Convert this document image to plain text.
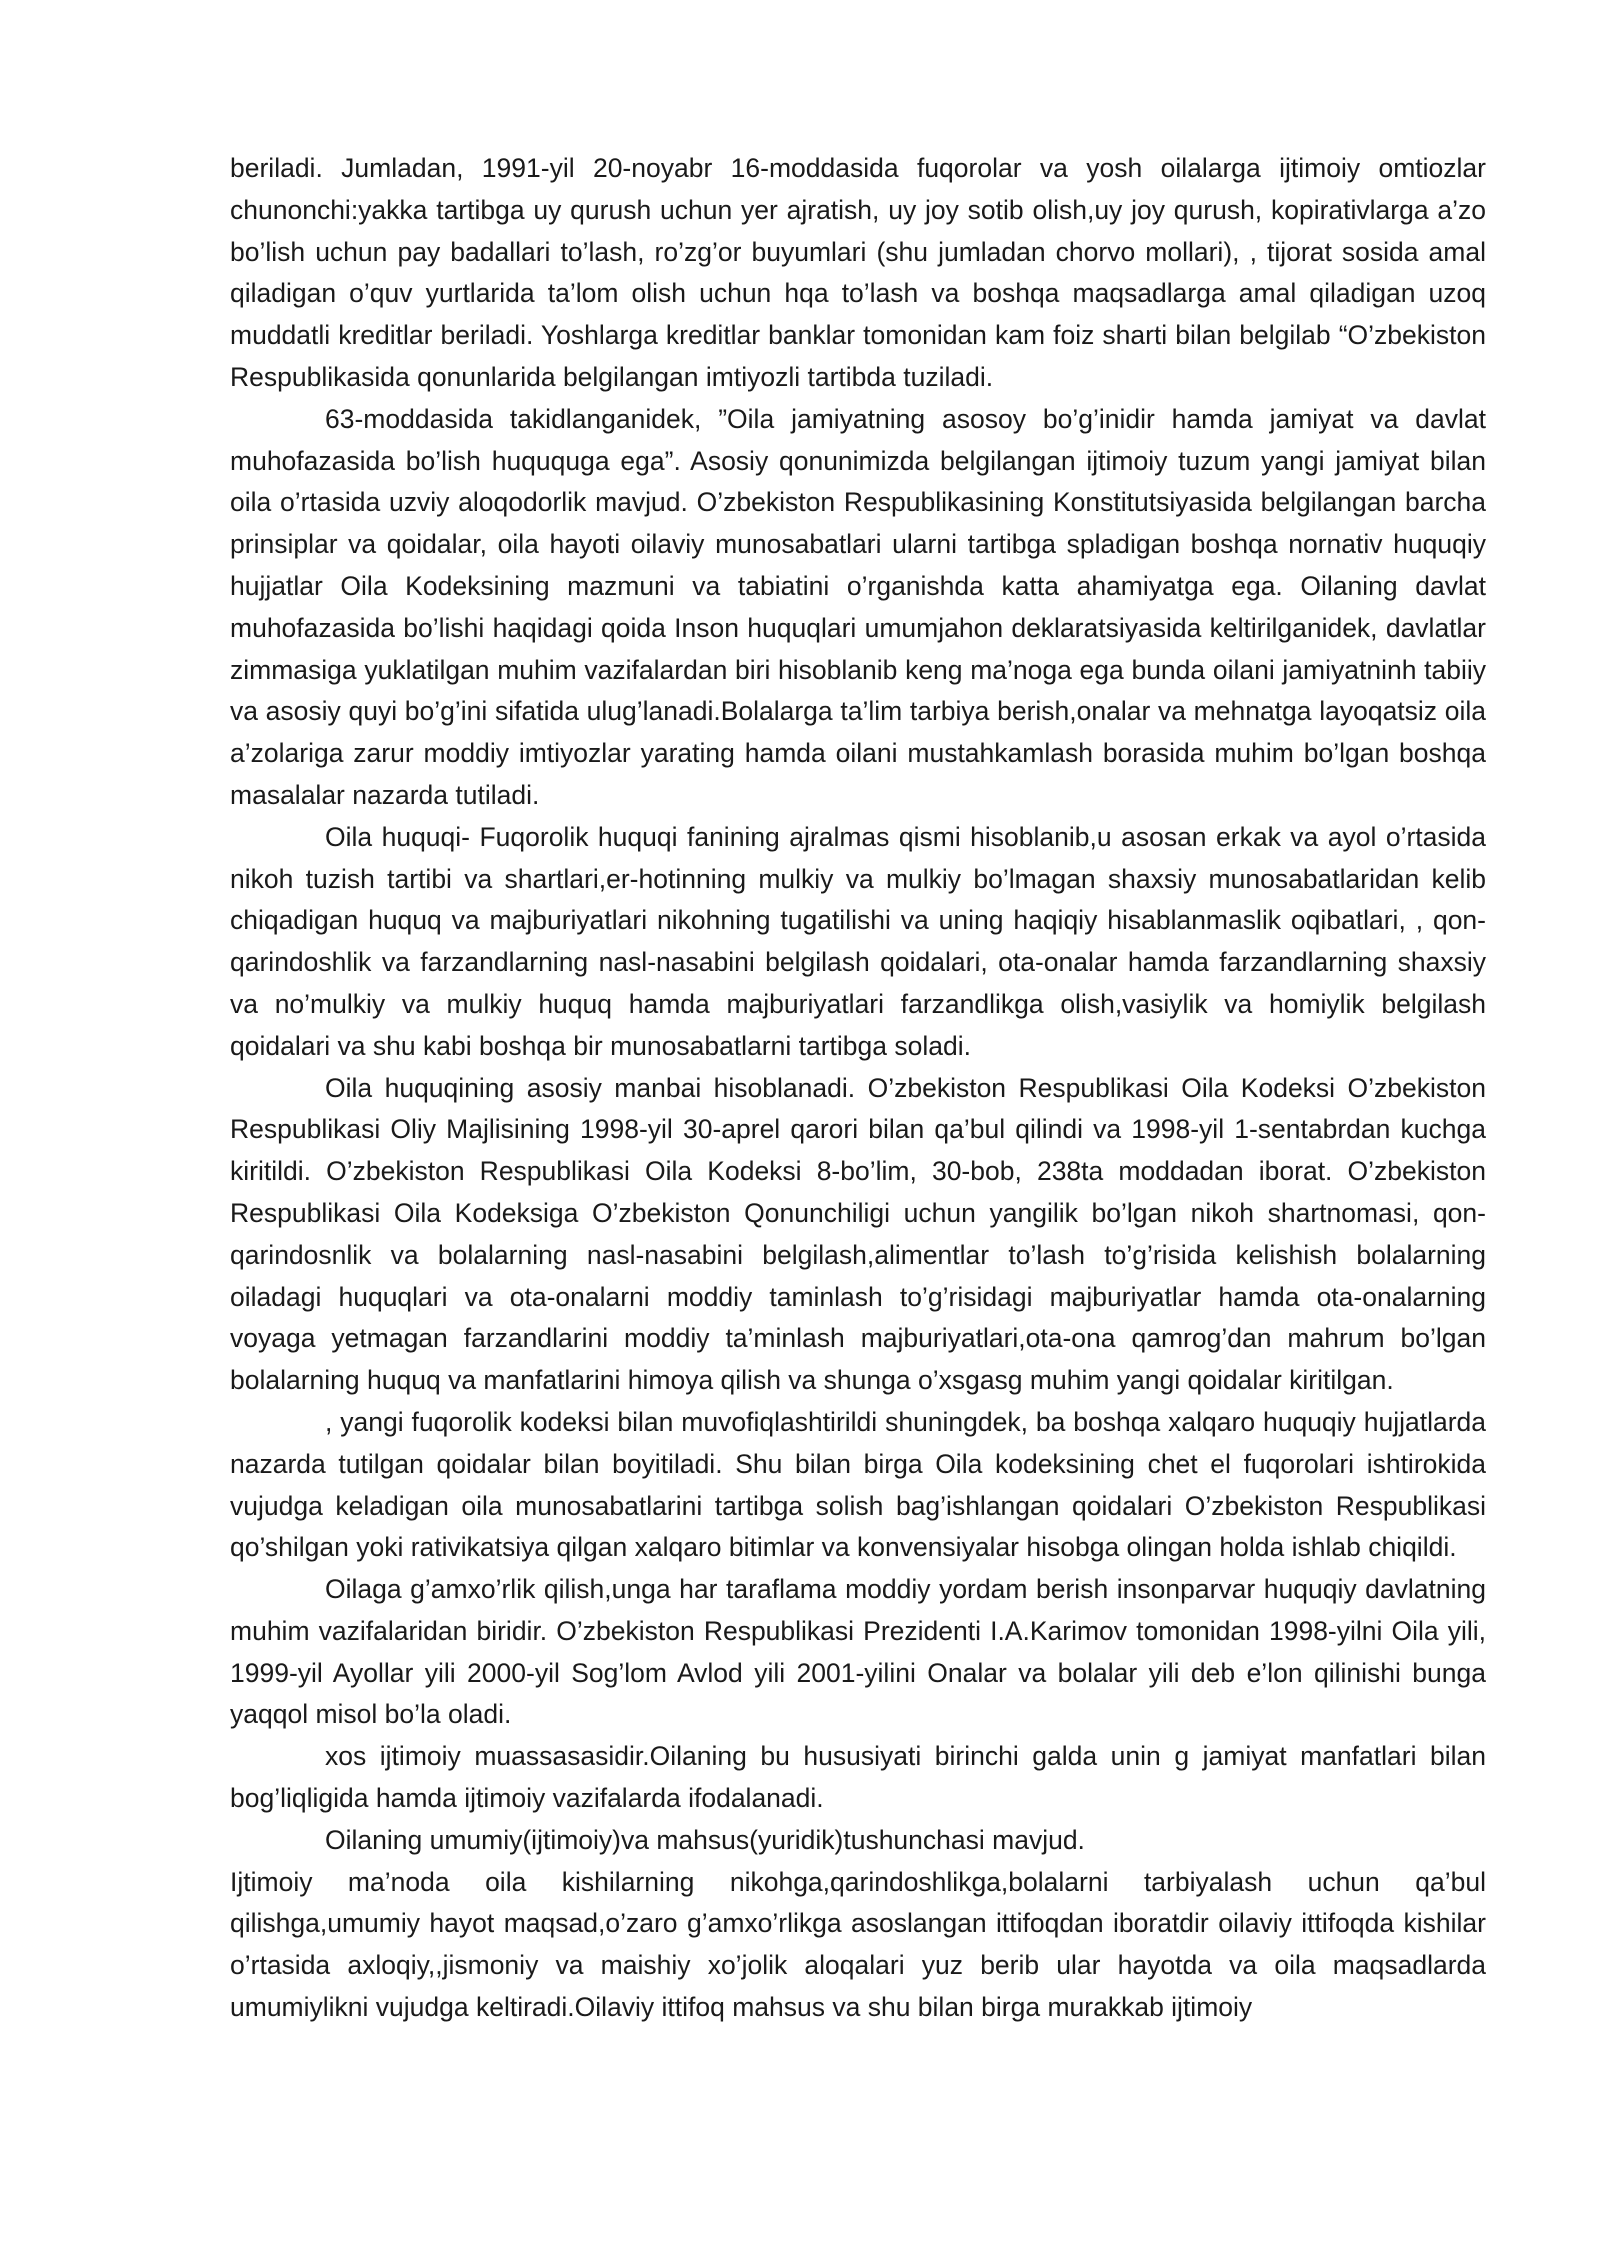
beriladi. Jumladan, 1991-yil 20-noyabr 16-moddasida fuqorolar va yosh oilalarga ijtimoiy omtiozlar chunonchi:yakka tartibga uy qurush uchun yer ajratish, uy joy sotib olish,uy joy qurush, kopirativlarga a’zo bo’lish uchun pay badallari to’lash, ro’zg’or buyumlari (shu jumladan chorvo mollari), , tijorat sosida amal qiladigan o’quv yurtlarida ta’lom olish uchun hqa to’lash va boshqa maqsadlarga amal qiladigan uzoq muddatli kreditlar beriladi. Yoshlarga kreditlar banklar tomonidan kam foiz sharti bilan belgilab “O’zbekiston Respublikasida qonunlarida belgilangan imtiyozli tartibda tuziladi.

63-moddasida takidlanganidek, ”Oila jamiyatning asosoy bo’g’inidir hamda jamiyat va davlat muhofazasida bo’lish huququga ega”. Asosiy qonunimizda belgilangan ijtimoiy tuzum yangi jamiyat bilan oila o’rtasida uzviy aloqodorlik mavjud. O’zbekiston Respublikasining Konstitutsiyasida belgilangan barcha prinsiplar va qoidalar, oila hayoti oilaviy munosabatlari ularni tartibga spladigan boshqa nornativ huquqiy hujjatlar Oila Kodeksining mazmuni va tabiatini o’rganishda katta ahamiyatga ega. Oilaning davlat muhofazasida bo’lishi haqidagi qoida Inson huquqlari umumjahon deklaratsiyasida keltirilganidek, davlatlar zimmasiga yuklatilgan muhim vazifalardan biri hisoblanib keng ma’noga ega bunda oilani jamiyatninh tabiiy va asosiy quyi bo’g’ini sifatida ulug’lanadi.Bolalarga ta’lim tarbiya berish,onalar va mehnatga layoqatsiz oila a’zolariga zarur moddiy imtiyozlar yarating hamda oilani mustahkamlash borasida muhim bo’lgan boshqa masalalar nazarda tutiladi.

Oila huquqi- Fuqorolik huquqi fanining ajralmas qismi hisoblanib,u asosan erkak va ayol o’rtasida nikoh tuzish tartibi va shartlari,er-hotinning mulkiy va mulkiy bo’lmagan shaxsiy munosabatlaridan kelib chiqadigan huquq va majburiyatlari nikohning tugatilishi va uning haqiqiy hisablanmaslik oqibatlari, , qon-qarindoshlik va farzandlarning nasl-nasabini belgilash qoidalari, ota-onalar hamda farzandlarning shaxsiy va no’mulkiy va mulkiy huquq hamda majburiyatlari farzandlikga olish,vasiylik va homiylik belgilash qoidalari va shu kabi boshqa bir munosabatlarni tartibga soladi.

Oila huquqining asosiy manbai hisoblanadi. O’zbekiston Respublikasi Oila Kodeksi O’zbekiston Respublikasi Oliy Majlisining 1998-yil 30-aprel qarori bilan qa’bul qilindi va 1998-yil 1-sentabrdan kuchga kiritildi. O’zbekiston Respublikasi Oila Kodeksi 8-bo’lim, 30-bob, 238ta moddadan iborat. O’zbekiston Respublikasi Oila Kodeksiga O’zbekiston Qonunchiligi uchun yangilik bo’lgan nikoh shartnomasi, qon-qarindosnlik va bolalarning nasl-nasabini belgilash,alimentlar to’lash to’g’risida kelishish bolalarning oiladagi huquqlari va ota-onalarni moddiy taminlash to’g’risidagi majburiyatlar hamda ota-onalarning voyaga yetmagan farzandlarini moddiy ta’minlash majburiyatlari,ota-ona qamrog’dan mahrum bo’lgan bolalarning huquq va manfatlarini himoya qilish va shunga o’xsgasg muhim yangi qoidalar kiritilgan.

, yangi fuqorolik kodeksi bilan muvofiqlashtirildi shuningdek, ba boshqa xalqaro huquqiy hujjatlarda nazarda tutilgan qoidalar bilan boyitiladi. Shu bilan birga Oila kodeksining chet el fuqorolari ishtirokida vujudga keladigan oila munosabatlarini tartibga solish bag’ishlangan qoidalari O’zbekiston Respublikasi qo’shilgan yoki rativikatsiya qilgan xalqaro bitimlar va konvensiyalar hisobga olingan holda ishlab chiqildi.

Oilaga g’amxo’rlik qilish,unga har taraflama moddiy yordam berish insonparvar huquqiy davlatning muhim vazifalaridan biridir. O’zbekiston Respublikasi Prezidenti I.A.Karimov tomonidan 1998-yilni Oila yili, 1999-yil Ayollar yili 2000-yil Sog’lom Avlod yili 2001-yilini Onalar va bolalar yili deb e’lon qilinishi bunga yaqqol misol bo’la oladi.

xos ijtimoiy muassasasidir.Oilaning bu hususiyati birinchi galda unin g jamiyat manfatlari bilan bog’liqligida hamda ijtimoiy vazifalarda ifodalanadi.

Oilaning umumiy(ijtimoiy)va mahsus(yuridik)tushunchasi mavjud.

Ijtimoiy ma’noda oila kishilarning nikohga,qarindoshlikga,bolalarni tarbiyalash uchun qa’bul qilishga,umumiy hayot maqsad,o’zaro g’amxo’rlikga asoslangan ittifoqdan iboratdir oilaviy ittifoqda kishilar o’rtasida axloqiy,,jismoniy va maishiy xo’jolik aloqalari yuz berib ular hayotda va oila maqsadlarda umumiylikni vujudga keltiradi.Oilaviy ittifoq mahsus va shu bilan birga murakkab ijtimoiy
